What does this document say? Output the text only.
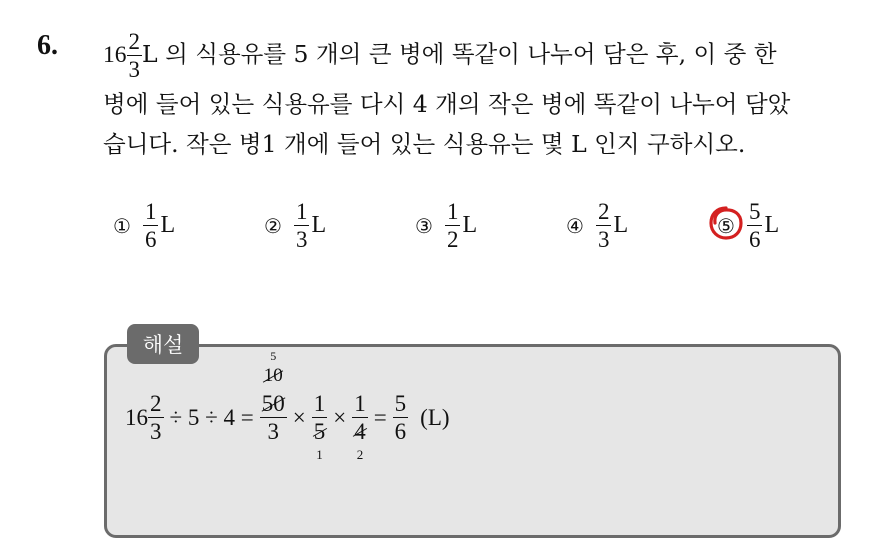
6. $16 \frac{2}{3}$ L 의 식용유를 5 개의 큰 병에 똑같이 나누어 담은 후, 이 중 한
병에 들어 있는 식용유를 다시 4 개의 작은 병에 똑같이 나누어 담았
습니다. 작은 병1 개에 들어 있는 식용유는 몇 L 인지 구하시오.
① $\frac{1}{6}$ L	② $\frac{1}{3}$ L	③ $\frac{1}{2}$ L	④ $\frac{2}{3}$ L	⑤ $\frac{5}{6}$ L
해설
$16 \frac{2}{3} \div 5 \div 4$ =
5
10
50
3
×
1
5
1
×
1
4
2
= $\frac{5}{6} (L)$
